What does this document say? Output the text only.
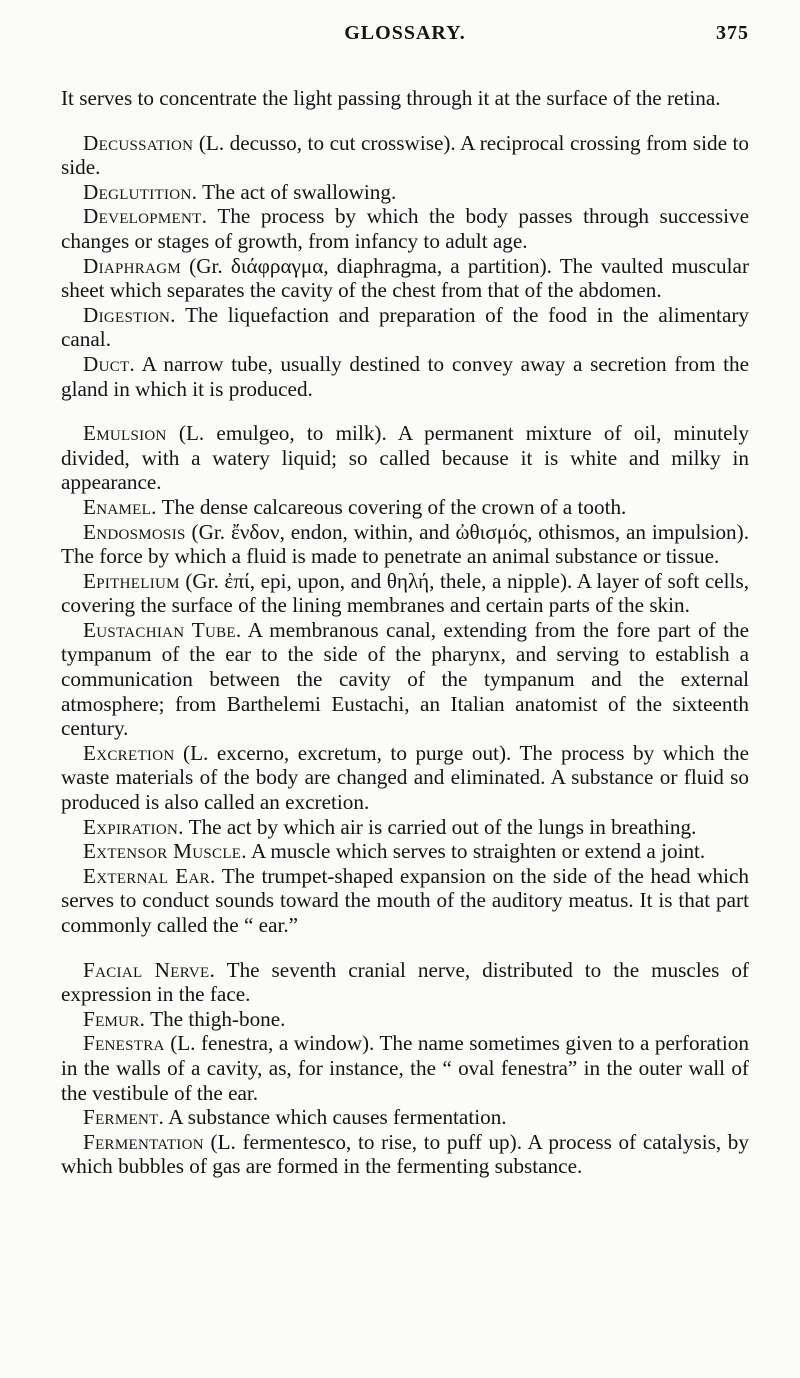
GLOSSARY.	375

It serves to concentrate the light passing through it at the surface of the retina.

Decussation (L. decusso, to cut crosswise). A reciprocal crossing from side to side.

Deglutition. The act of swallowing.

Development. The process by which the body passes through successive changes or stages of growth, from infancy to adult age.

Diaphragm (Gr. διάφραγμα, diaphragma, a partition). The vaulted muscular sheet which separates the cavity of the chest from that of the abdomen.

Digestion. The liquefaction and preparation of the food in the alimentary canal.

Duct. A narrow tube, usually destined to convey away a secretion from the gland in which it is produced.

Emulsion (L. emulgeo, to milk). A permanent mixture of oil, minutely divided, with a watery liquid; so called because it is white and milky in appearance.

Enamel. The dense calcareous covering of the crown of a tooth.

Endosmosis (Gr. ἔνδον, endon, within, and ὠθισμός, othismos, an impulsion). The force by which a fluid is made to penetrate an animal substance or tissue.

Epithelium (Gr. ἐπί, epi, upon, and θηλή, thele, a nipple). A layer of soft cells, covering the surface of the lining membranes and certain parts of the skin.

Eustachian Tube. A membranous canal, extending from the fore part of the tympanum of the ear to the side of the pharynx, and serving to establish a communication between the cavity of the tympanum and the external atmosphere; from Barthelemi Eustachi, an Italian anatomist of the sixteenth century.

Excretion (L. excerno, excretum, to purge out). The process by which the waste materials of the body are changed and eliminated. A substance or fluid so produced is also called an excretion.

Expiration. The act by which air is carried out of the lungs in breathing.

Extensor Muscle. A muscle which serves to straighten or extend a joint.

External Ear. The trumpet-shaped expansion on the side of the head which serves to conduct sounds toward the mouth of the auditory meatus. It is that part commonly called the “ ear.”

Facial Nerve. The seventh cranial nerve, distributed to the muscles of expression in the face.

Femur. The thigh-bone.

Fenestra (L. fenestra, a window). The name sometimes given to a perforation in the walls of a cavity, as, for instance, the “ oval fenestra” in the outer wall of the vestibule of the ear.

Ferment. A substance which causes fermentation.

Fermentation (L. fermentesco, to rise, to puff up). A process of catalysis, by which bubbles of gas are formed in the fermenting substance.
